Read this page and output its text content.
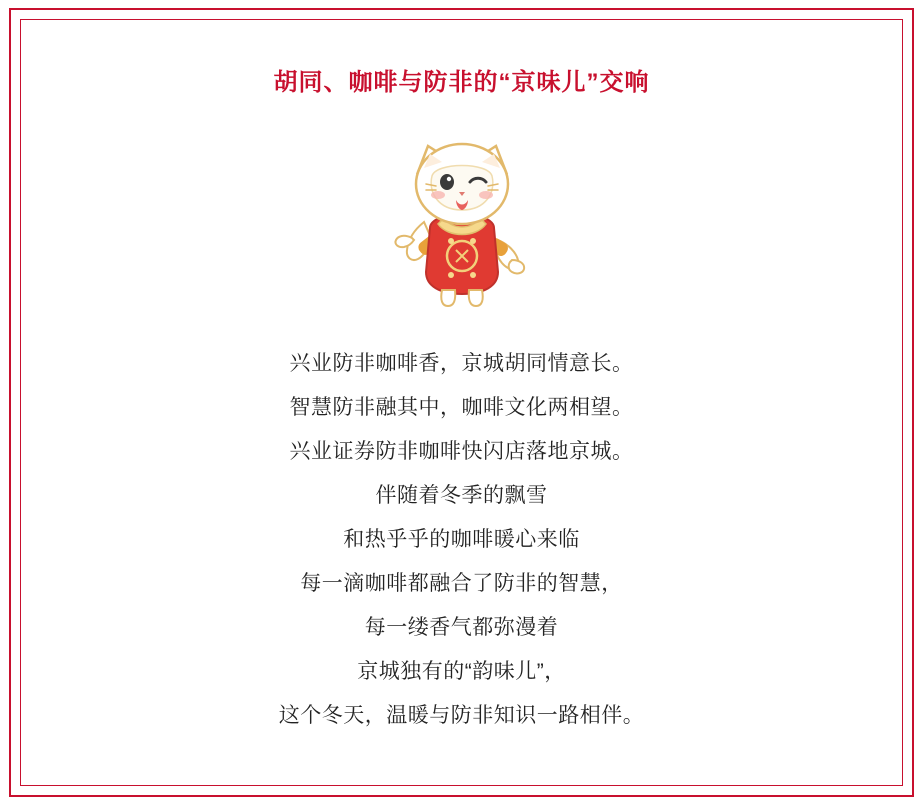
胡同、咖啡与防非的“京味儿”交响
兴业防非咖啡香，京城胡同情意长。
智慧防非融其中，咖啡文化两相望。
兴业证券防非咖啡快闪店落地京城。
伴随着冬季的飘雪
和热乎乎的咖啡暖心来临
每一滴咖啡都融合了防非的智慧，
每一缕香气都弥漫着
京城独有的“韵味儿”，
这个冬天，温暖与防非知识一路相伴。
